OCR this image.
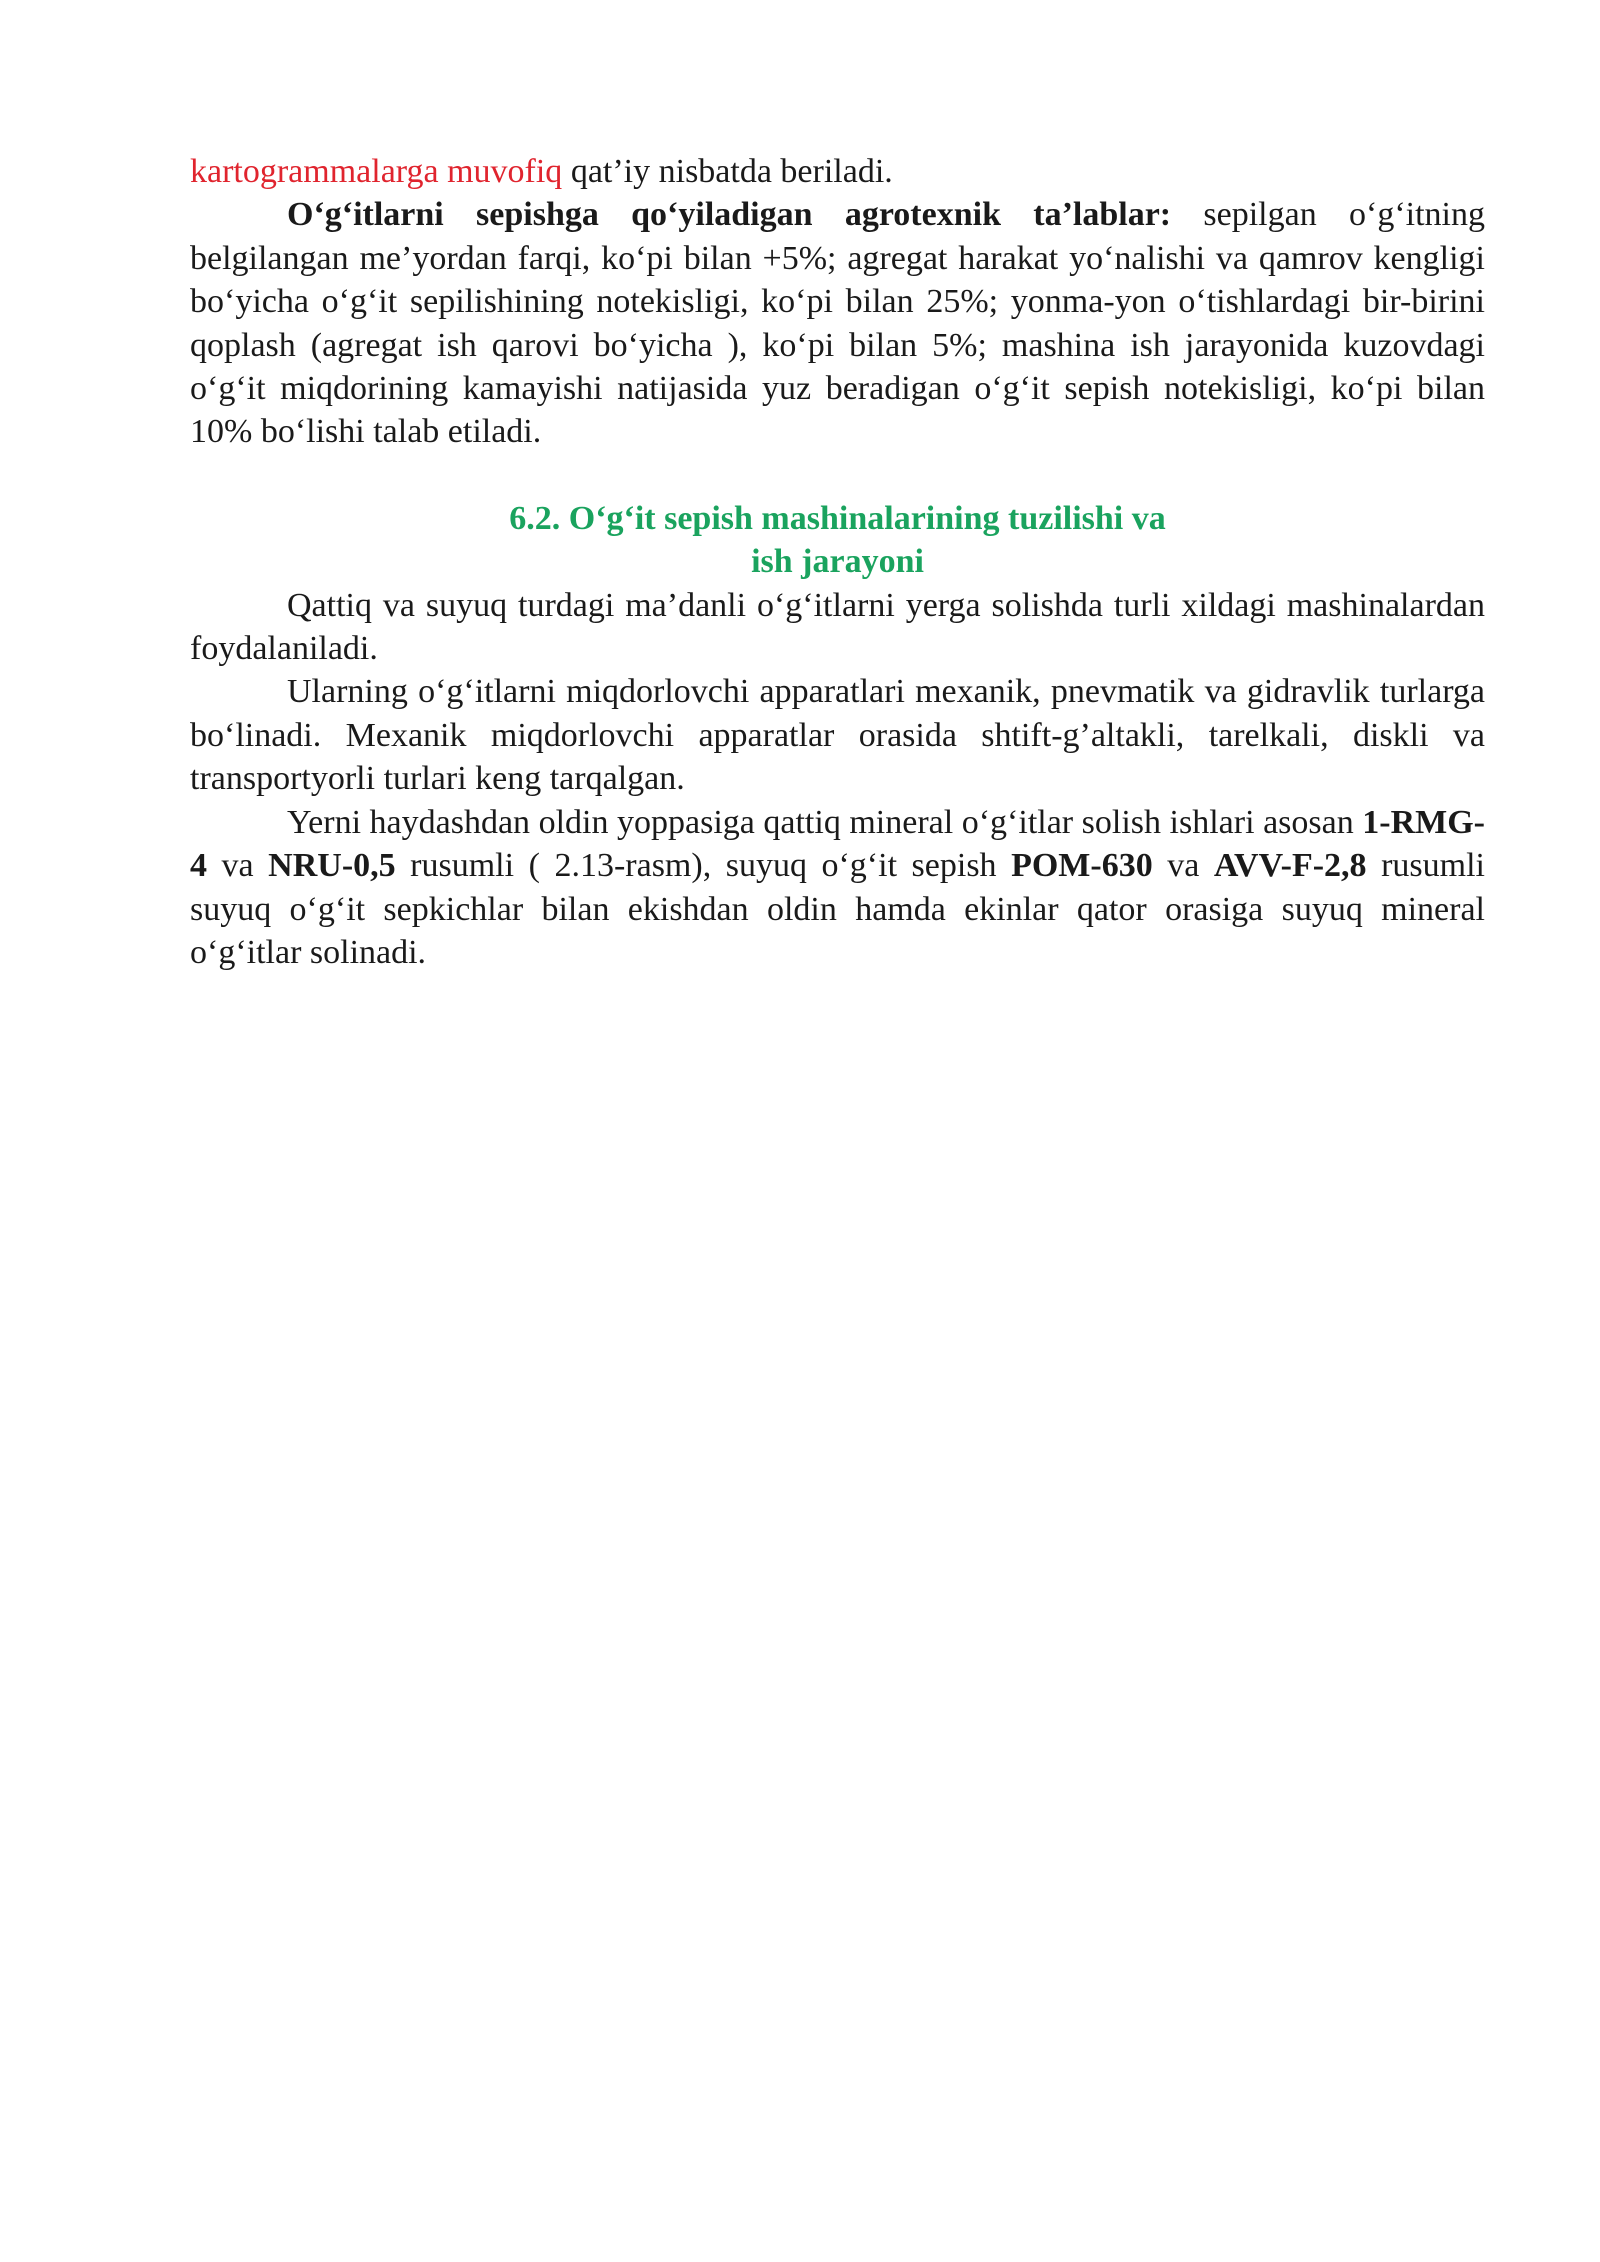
kartogrammalarga muvofiq qat’iy nisbatda beriladi.

O‘g‘itlarni sepishga qo‘yiladigan agrotexnik ta’lablar: sepilgan o‘g‘itning belgilangan me’yordan farqi, ko‘pi bilan +5%; agregat harakat yo‘nalishi va qamrov kengligi bo‘yicha o‘g‘it sepilishining notekisligi, ko‘pi bilan 25%; yonma-yon o‘tishlardagi bir-birini qoplash (agregat ish qarovi bo‘yicha ), ko‘pi bilan 5%; mashina ish jarayonida kuzovdagi o‘g‘it miqdorining kamayishi natijasida yuz beradigan o‘g‘it sepish notekisligi, ko‘pi bilan 10% bo‘lishi talab etiladi.

6.2. O‘g‘it sepish mashinalarining tuzilishi va
ish jarayoni

Qattiq va suyuq turdagi ma’danli o‘g‘itlarni yerga solishda turli xildagi mashinalardan foydalaniladi.

Ularning o‘g‘itlarni miqdorlovchi apparatlari mexanik, pnevmatik va gidravlik turlarga bo‘linadi. Mexanik miqdorlovchi apparatlar orasida shtift-g’altakli, tarelkali, diskli va transportyorli turlari keng tarqalgan.

Yerni haydashdan oldin yoppasiga qattiq mineral o‘g‘itlar solish ishlari asosan 1-RMG-4 va NRU-0,5 rusumli ( 2.13-rasm), suyuq o‘g‘it sepish POM-630 va AVV-F-2,8 rusumli suyuq o‘g‘it sepkichlar bilan ekishdan oldin hamda ekinlar qator orasiga suyuq mineral o‘g‘itlar solinadi.
